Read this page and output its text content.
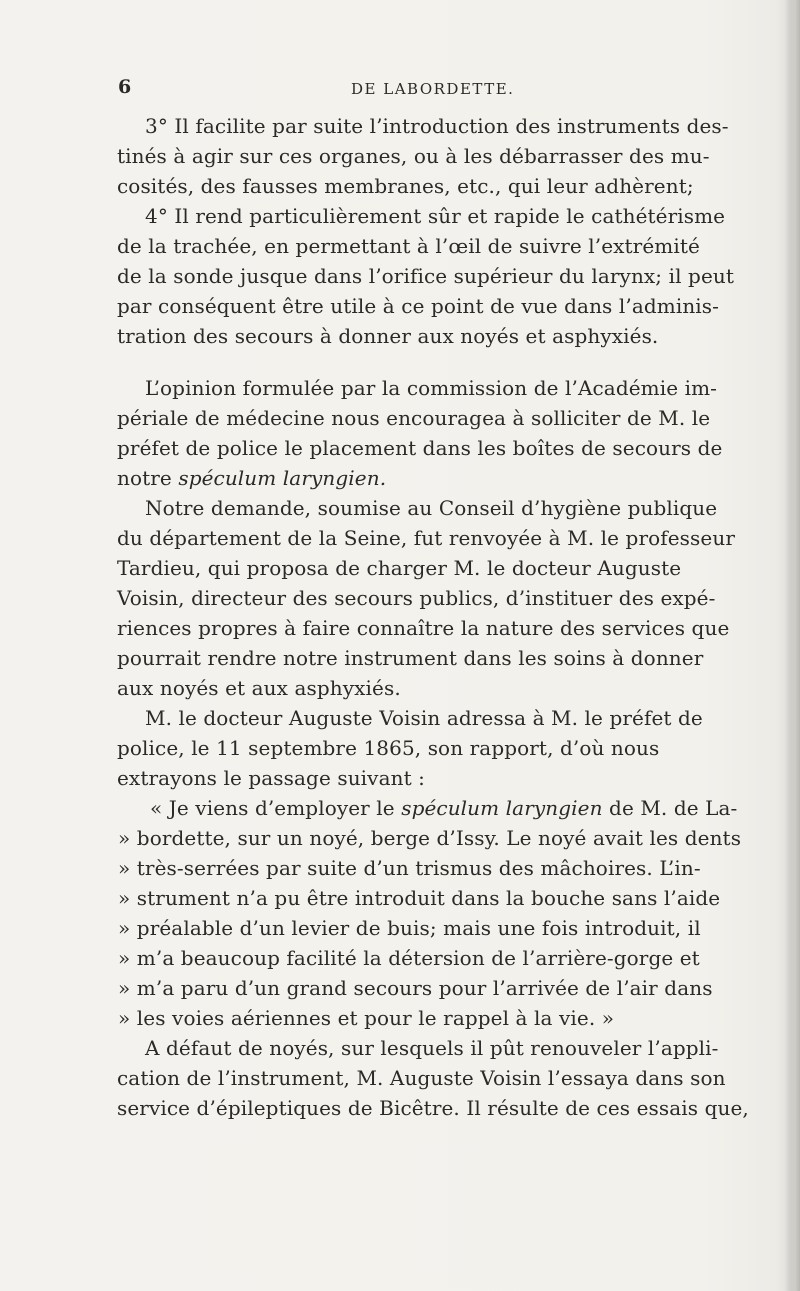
6	DE LABORDETTE.
3° Il facilite par suite l’introduction des instruments des-
tinés à agir sur ces organes, ou à les débarrasser des mu-
cosités, des fausses membranes, etc., qui leur adhèrent;
4° Il rend particulièrement sûr et rapide le cathétérisme
de la trachée, en permettant à l’œil de suivre l’extrémité
de la sonde jusque dans l’orifice supérieur du larynx; il peut
par conséquent être utile à ce point de vue dans l’adminis-
tration des secours à donner aux noyés et asphyxiés.
L’opinion formulée par la commission de l’Académie im-
périale de médecine nous encouragea à solliciter de M. le
préfet de police le placement dans les boîtes de secours de
notre spéculum laryngien.
Notre demande, soumise au Conseil d’hygiène publique
du département de la Seine, fut renvoyée à M. le professeur
Tardieu, qui proposa de charger M. le docteur Auguste
Voisin, directeur des secours publics, d’instituer des expé-
riences propres à faire connaître la nature des services que
pourrait rendre notre instrument dans les soins à donner
aux noyés et aux asphyxiés.
M. le docteur Auguste Voisin adressa à M. le préfet de
police, le 11 septembre 1865, son rapport, d’où nous
extrayons le passage suivant :
« Je viens d’employer le spéculum laryngien de M. de La-
» bordette, sur un noyé, berge d’Issy. Le noyé avait les dents
» très-serrées par suite d’un trismus des mâchoires. L’in-
» strument n’a pu être introduit dans la bouche sans l’aide
» préalable d’un levier de buis; mais une fois introduit, il
» m’a beaucoup facilité la détersion de l’arrière-gorge et
» m’a paru d’un grand secours pour l’arrivée de l’air dans
» les voies aériennes et pour le rappel à la vie. »
A défaut de noyés, sur lesquels il pût renouveler l’appli-
cation de l’instrument, M. Auguste Voisin l’essaya dans son
service d’épileptiques de Bicêtre. Il résulte de ces essais que,
